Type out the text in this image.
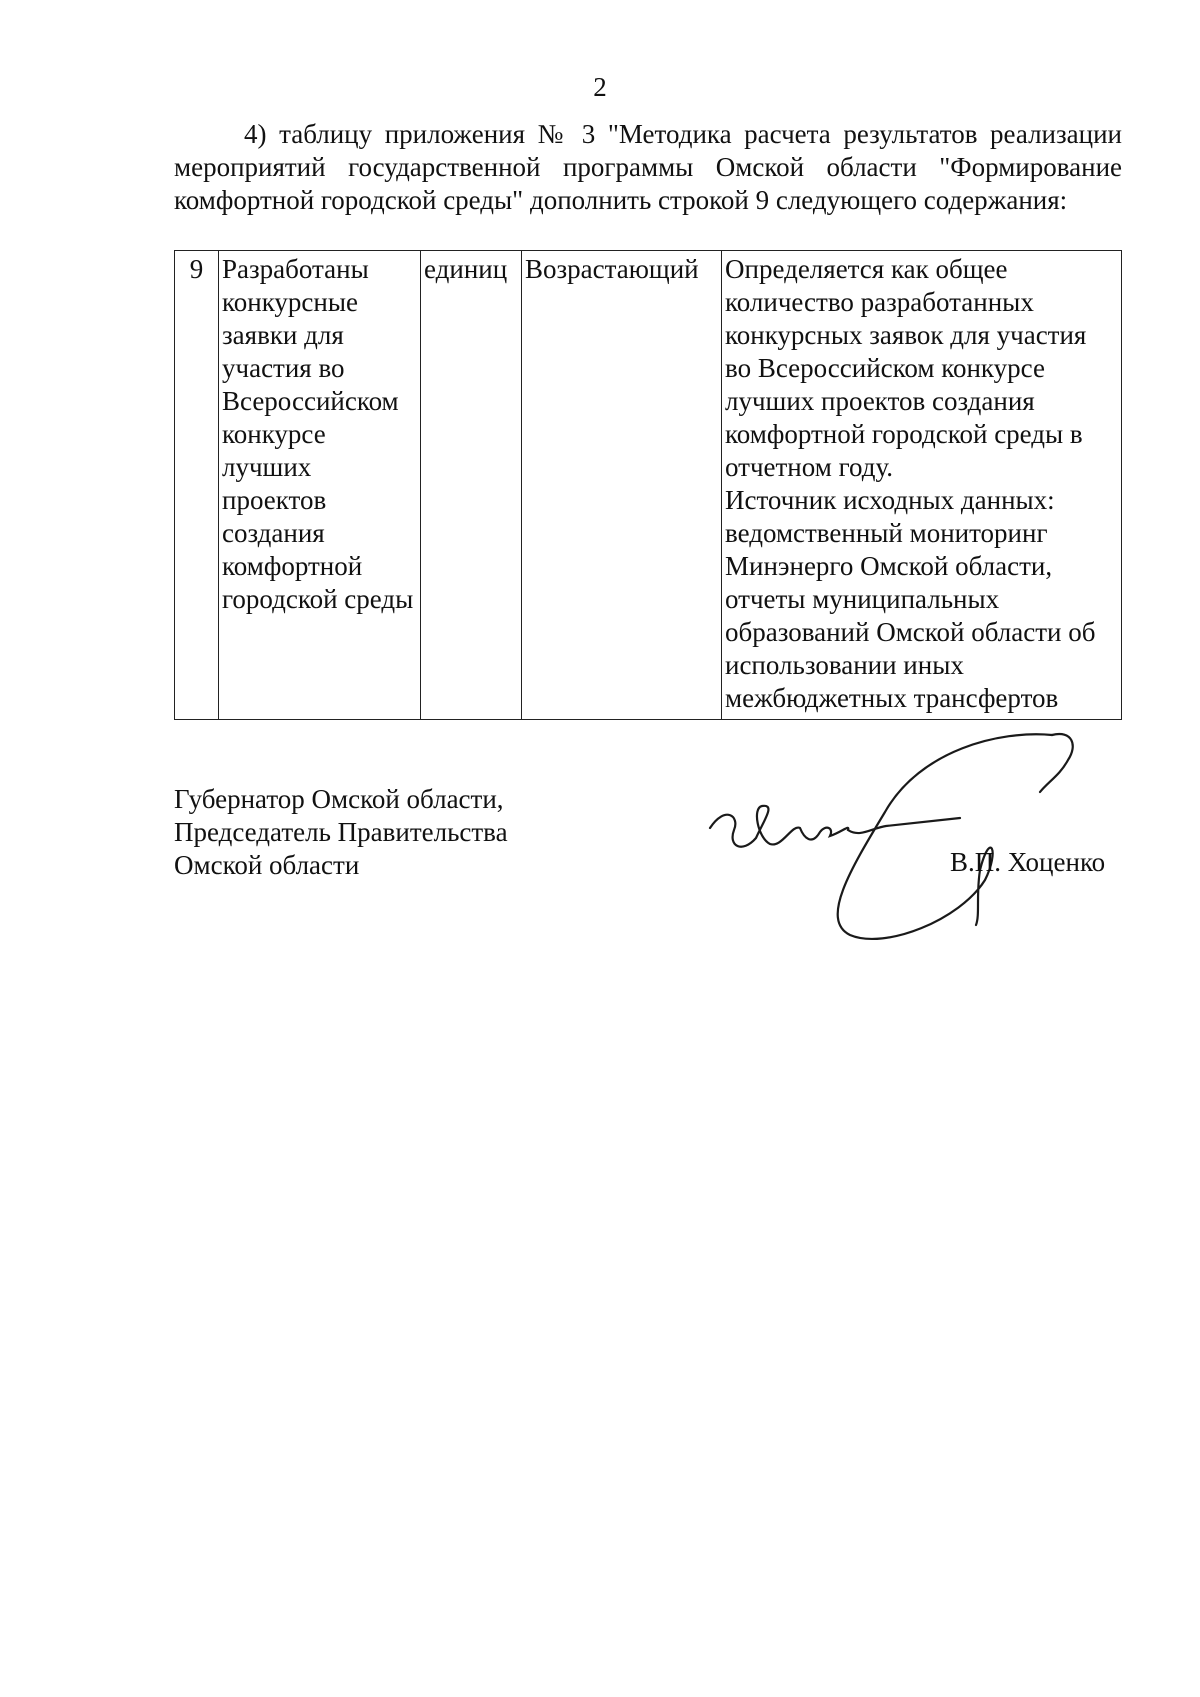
2
4) таблицу приложения № 3 "Методика расчета результатов реализации мероприятий государственной программы Омской области "Формирование комфортной городской среды" дополнить строкой 9 следующего содержания:
9	Разработаны конкурсные заявки для участия во Всероссийском конкурсе лучших проектов создания комфортной городской среды	единиц	Возрастающий	Определяется как общее
количество разработанных
конкурсных заявок для участия
во Всероссийском конкурсе
лучших проектов создания
комфортной городской среды в
отчетном году.
Источник исходных данных:
ведомственный мониторинг
Минэнерго Омской области,
отчеты муниципальных
образований Омской области об
использовании иных
межбюджетных трансфертов
Губернатор Омской области,
Председатель Правительства
Омской области	В.П. Хоценко
